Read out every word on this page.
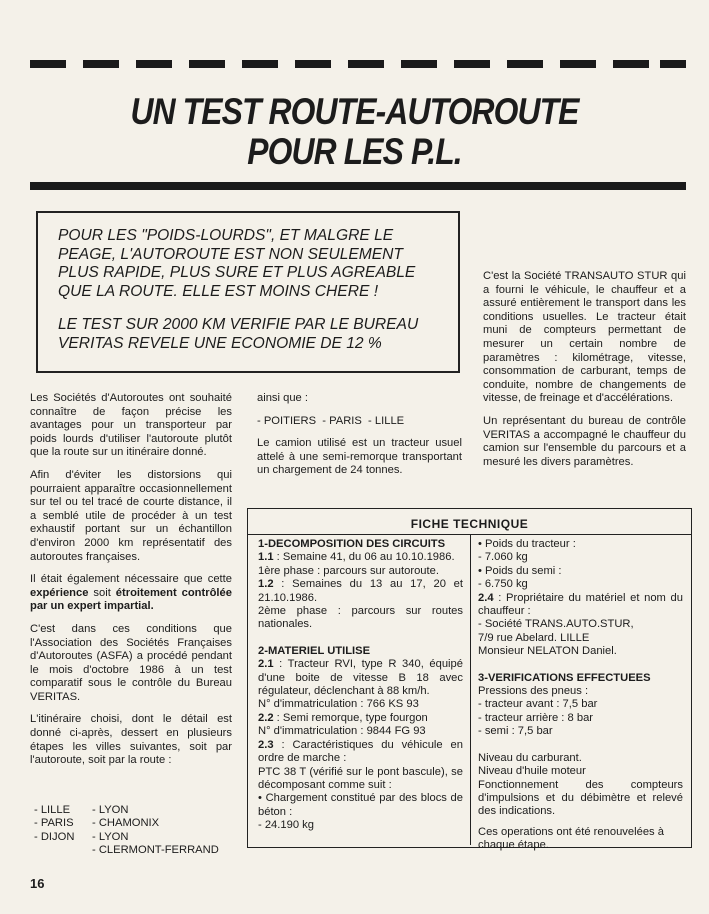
UN TEST ROUTE-AUTOROUTE
POUR LES P.L.

POUR LES "POIDS-LOURDS", ET MALGRE LE PEAGE, L'AUTOROUTE EST NON SEULEMENT PLUS RAPIDE, PLUS SURE ET PLUS AGREABLE QUE LA ROUTE. ELLE EST MOINS CHERE !

LE TEST SUR 2000 KM VERIFIE PAR LE BUREAU VERITAS REVELE UNE ECONOMIE DE 12 %

Les Sociétés d'Autoroutes ont souhaité connaître de façon précise les avantages pour un transporteur par poids lourds d'utiliser l'autoroute plutôt que la route sur un itinéraire donné.

Afin d'éviter les distorsions qui pourraient apparaître occasionnellement sur tel ou tel tracé de courte distance, il a semblé utile de procéder à un test exhaustif portant sur un échantillon d'environ 2000 km représentatif des autoroutes françaises.

Il était également nécessaire que cette expérience soit étroitement contrôlée par un expert impartial.

C'est dans ces conditions que l'Association des Sociétés Françaises d'Autoroutes (ASFA) a procédé pendant le mois d'octobre 1986 à un test comparatif sous le contrôle du Bureau VERITAS.

L'itinéraire choisi, dont le détail est donné ci-après, dessert en plusieurs étapes les villes suivantes, soit par l'autoroute, soit par la route :

- LILLE
- PARIS
- DIJON
- LYON
- CHAMONIX
- LYON
- CLERMONT-FERRAND

ainsi que :

- POITIERS  - PARIS  - LILLE

Le camion utilisé est un tracteur usuel attelé à une semi-remorque transportant un chargement de 24 tonnes.

C'est la Société TRANSAUTO STUR qui a fourni le véhicule, le chauffeur et a assuré entièrement le transport dans les conditions usuelles. Le tracteur était muni de compteurs permettant de mesurer un certain nombre de paramètres : kilométrage, vitesse, consommation de carburant, temps de conduite, nombre de changements de vitesse, de freinage et d'accélérations.

Un représentant du bureau de contrôle VERITAS a accompagné le chauffeur du camion sur l'ensemble du parcours et a mesuré les divers paramètres.

FICHE TECHNIQUE

1-DECOMPOSITION DES CIRCUITS

1.1 : Semaine 41, du 06 au 10.10.1986.

1ère phase : parcours sur autoroute.

1.2 : Semaines du 13 au 17, 20 et 21.10.1986.

2ème phase : parcours sur routes nationales.

2-MATERIEL UTILISE

2.1 : Tracteur RVI, type R 340, équipé d'une boite de vitesse B 18 avec régulateur, déclenchant à 88 km/h.

N° d'immatriculation : 766 KS 93

2.2 : Semi remorque, type fourgon

N° d'immatriculation : 9844 FG 93

2.3 : Caractéristiques du véhicule en ordre de marche :

PTC 38 T (vérifié sur le pont bascule), se décomposant comme suit :

• Chargement constitué par des blocs de béton :

- 24.190 kg

• Poids du tracteur :

- 7.060 kg

• Poids du semi :

- 6.750 kg

2.4 : Propriétaire du matériel et nom du chauffeur :

- Société TRANS.AUTO.STUR,

7/9 rue Abelard. LILLE

Monsieur NELATON Daniel.

3-VERIFICATIONS EFFECTUEES

Pressions des pneus :

- tracteur avant : 7,5 bar

- tracteur arrière : 8 bar

- semi : 7,5 bar

Niveau du carburant.

Niveau d'huile moteur

Fonctionnement des compteurs d'impulsions et du débimètre et relevé des indications.

Ces operations ont été renouvelées à chaque étape.

16
